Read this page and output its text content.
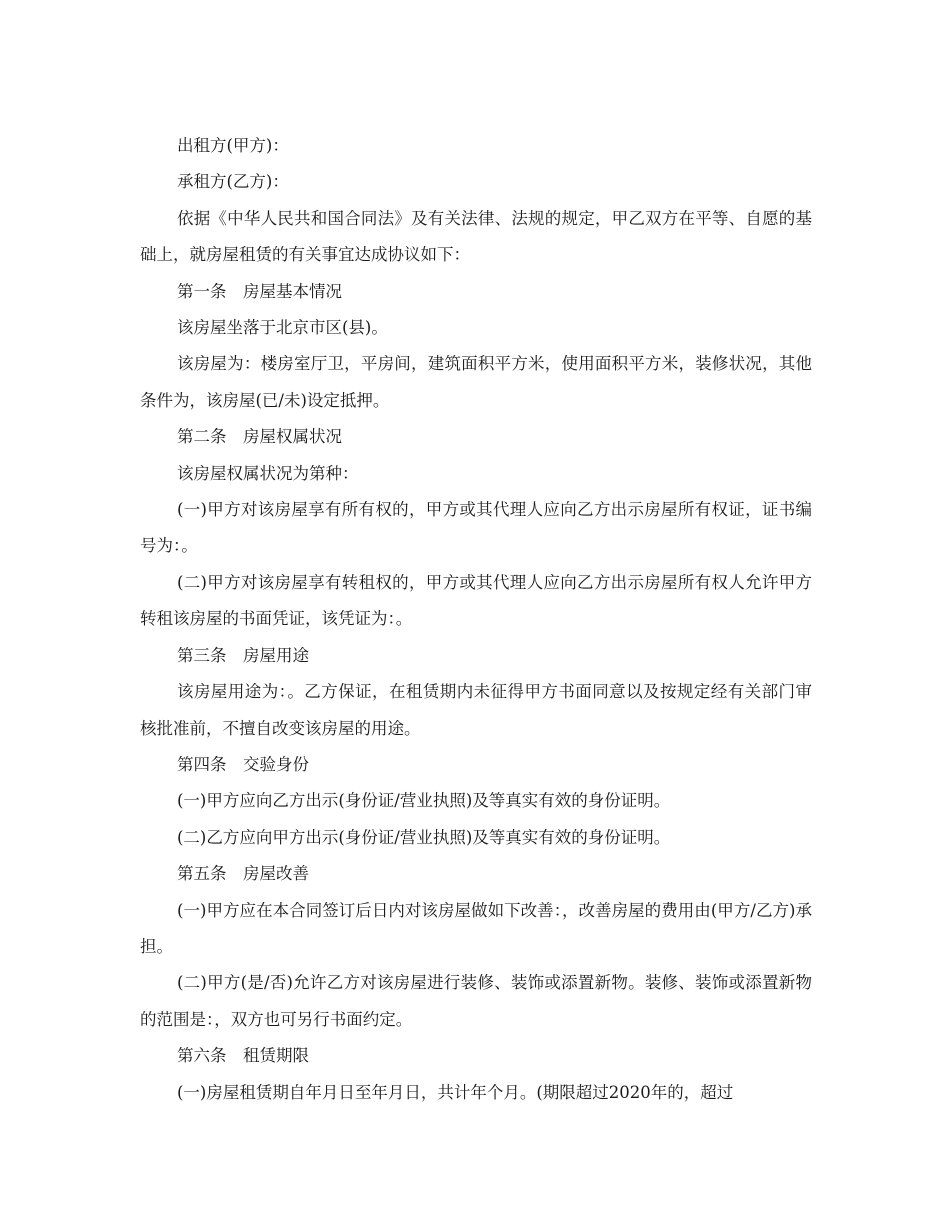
出租方(甲方)：

承租方(乙方)：

依据《中华人民共和国合同法》及有关法律、法规的规定，甲乙双方在平等、自愿的基础上，就房屋租赁的有关事宜达成协议如下：

第一条　房屋基本情况

该房屋坐落于北京市区(县)。

该房屋为：楼房室厅卫，平房间，建筑面积平方米，使用面积平方米，装修状况，其他条件为，该房屋(已/未)设定抵押。

第二条　房屋权属状况

该房屋权属状况为第种：

(一)甲方对该房屋享有所有权的，甲方或其代理人应向乙方出示房屋所有权证，证书编号为：。

(二)甲方对该房屋享有转租权的，甲方或其代理人应向乙方出示房屋所有权人允许甲方转租该房屋的书面凭证，该凭证为：。

第三条　房屋用途

该房屋用途为：。乙方保证，在租赁期内未征得甲方书面同意以及按规定经有关部门审核批准前，不擅自改变该房屋的用途。

第四条　交验身份

(一)甲方应向乙方出示(身份证/营业执照)及等真实有效的身份证明。

(二)乙方应向甲方出示(身份证/营业执照)及等真实有效的身份证明。

第五条　房屋改善

(一)甲方应在本合同签订后日内对该房屋做如下改善：，改善房屋的费用由(甲方/乙方)承担。

(二)甲方(是/否)允许乙方对该房屋进行装修、装饰或添置新物。装修、装饰或添置新物的范围是：，双方也可另行书面约定。

第六条　租赁期限

(一)房屋租赁期自年月日至年月日，共计年个月。(期限超过2020年的，超过
